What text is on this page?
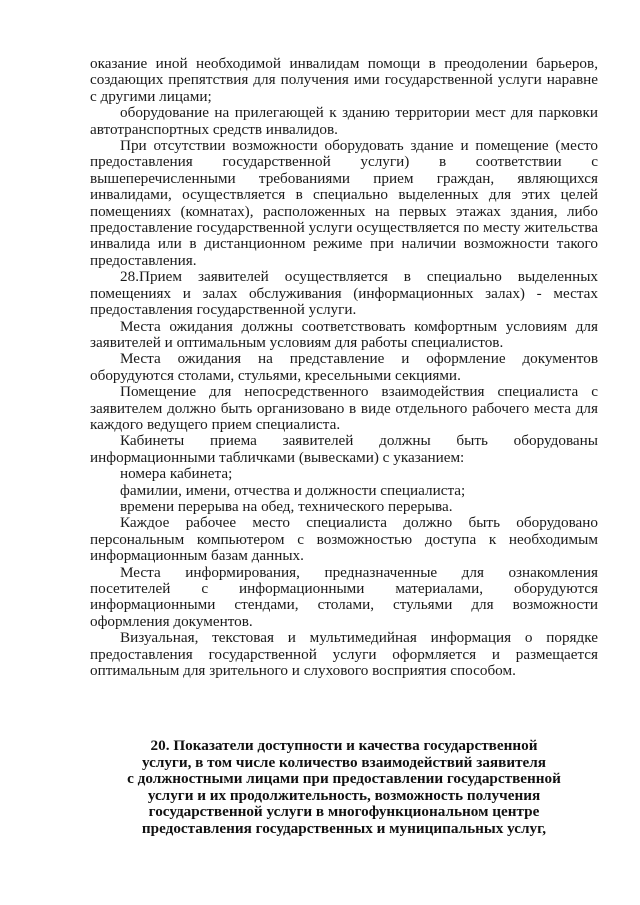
оказание иной необходимой инвалидам помощи в преодолении барьеров, создающих препятствия для получения ими государственной услуги наравне с другими лицами;

оборудование на прилегающей к зданию территории мест для парковки автотранспортных средств инвалидов.

При отсутствии возможности оборудовать здание и помещение (место предоставления государственной услуги) в соответствии с вышеперечисленными требованиями прием граждан, являющихся инвалидами, осуществляется в специально выделенных для этих целей помещениях (комнатах), расположенных на первых этажах здания, либо предоставление государственной услуги осуществляется по месту жительства инвалида или в дистанционном режиме при наличии возможности такого предоставления.

28.Прием заявителей осуществляется в специально выделенных помещениях и залах обслуживания (информационных залах) - местах предоставления государственной услуги.

Места ожидания должны соответствовать комфортным условиям для заявителей и оптимальным условиям для работы специалистов.

Места ожидания на представление и оформление документов оборудуются столами, стульями, кресельными секциями.

Помещение для непосредственного взаимодействия специалиста с заявителем должно быть организовано в виде отдельного рабочего места для каждого ведущего прием специалиста.

Кабинеты приема заявителей должны быть оборудованы информационными табличками (вывесками) с указанием:

номера кабинета;

фамилии, имени, отчества и должности специалиста;

времени перерыва на обед, технического перерыва.

Каждое рабочее место специалиста должно быть оборудовано персональным компьютером с возможностью доступа к необходимым информационным базам данных.

Места информирования, предназначенные для ознакомления посетителей с информационными материалами, оборудуются информационными стендами, столами, стульями для возможности оформления документов.

Визуальная, текстовая и мультимедийная информация о порядке предоставления государственной услуги оформляется и размещается оптимальным для зрительного и слухового восприятия способом.

20. Показатели доступности и качества государственной
услуги, в том числе количество взаимодействий заявителя
с должностными лицами при предоставлении государственной
услуги и их продолжительность, возможность получения
государственной услуги в многофункциональном центре
предоставления государственных и муниципальных услуг,
